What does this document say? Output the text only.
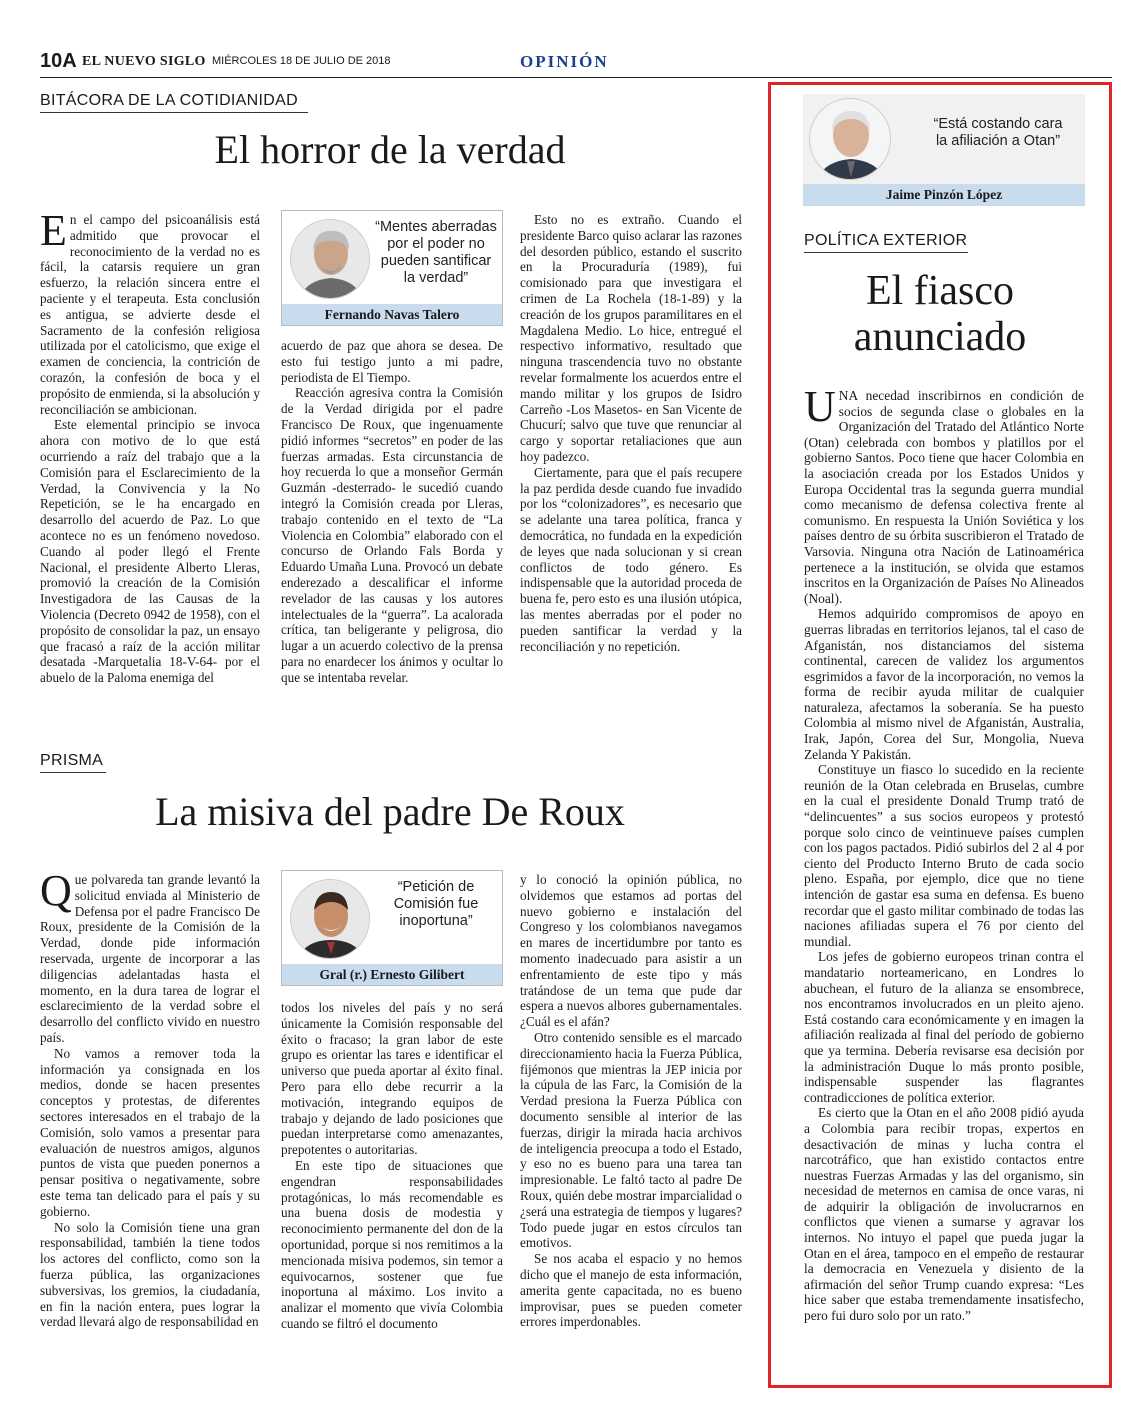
10A EL NUEVO SIGLO MIÉRCOLES 18 DE JULIO DE 2018	OPINIÓN
BITÁCORA DE LA COTIDIANIDAD
El horror de la verdad

En el campo del psicoanálisis está admitido que provocar el reconocimiento de la verdad no es fácil, la catarsis requiere un gran esfuerzo, la relación sincera entre el paciente y el terapeuta. Esta conclusión es antigua, se advierte desde el Sacramento de la confesión religiosa utilizada por el catolicismo, que exige el examen de conciencia, la contrición de corazón, la confesión de boca y el propósito de enmienda, si la absolución y reconciliación se ambicionan.

Este elemental principio se invoca ahora con motivo de lo que está ocurriendo a raíz del trabajo que a la Comisión para el Esclarecimiento de la Verdad, la Convivencia y la No Repetición, se le ha encargado en desarrollo del acuerdo de Paz. Lo que acontece no es un fenómeno novedoso. Cuando al poder llegó el Frente Nacional, el presidente Alberto Lleras, promovió la creación de la Comisión Investigadora de las Causas de la Violencia (Decreto 0942 de 1958), con el propósito de consolidar la paz, un ensayo que fracasó a raíz de la acción militar desatada -Marquetalia 18-V-64- por el abuelo de la Paloma enemiga del

“Mentes aberradas por el poder no pueden santificar la verdad”
Fernando Navas Talero

acuerdo de paz que ahora se desea. De esto fui testigo junto a mi padre, periodista de El Tiempo.

Reacción agresiva contra la Comisión de la Verdad dirigida por el padre Francisco De Roux, que ingenuamente pidió informes “secretos” en poder de las fuerzas armadas. Esta circunstancia de hoy recuerda lo que a monseñor Germán Guzmán -desterrado- le sucedió cuando integró la Comisión creada por Lleras, trabajo contenido en el texto de “La Violencia en Colombia” elaborado con el concurso de Orlando Fals Borda y Eduardo Umaña Luna. Provocó un debate enderezado a descalificar el informe revelador de las causas y los autores intelectuales de la “guerra”. La acalorada crítica, tan beligerante y peligrosa, dio lugar a un acuerdo colectivo de la prensa para no enardecer los ánimos y ocultar lo que se intentaba revelar.

Esto no es extraño. Cuando el presidente Barco quiso aclarar las razones del desorden público, estando el suscrito en la Procuraduría (1989), fui comisionado para que investigara el crimen de La Rochela (18-1-89) y la creación de los grupos paramilitares en el Magdalena Medio. Lo hice, entregué el respectivo informativo, resultado que ninguna trascendencia tuvo no obstante revelar formalmente los acuerdos entre el mando militar y los grupos de Isidro Carreño -Los Masetos- en San Vicente de Chucurí; salvo que tuve que renunciar al cargo y soportar retaliaciones que aun hoy padezco.

Ciertamente, para que el país recupere la paz perdida desde cuando fue invadido por los “colonizadores”, es necesario que se adelante una tarea política, franca y democrática, no fundada en la expedición de leyes que nada solucionan y si crean conflictos de todo género. Es indispensable que la autoridad proceda de buena fe, pero esto es una ilusión utópica, las mentes aberradas por el poder no pueden santificar la verdad y la reconciliación y no repetición.

PRISMA
La misiva del padre De Roux

Que polvareda tan grande levantó la solicitud enviada al Ministerio de Defensa por el padre Francisco De Roux, presidente de la Comisión de la Verdad, donde pide información reservada, urgente de incorporar a las diligencias adelantadas hasta el momento, en la dura tarea de lograr el esclarecimiento de la verdad sobre el desarrollo del conflicto vivido en nuestro país.

No vamos a remover toda la información ya consignada en los medios, donde se hacen presentes conceptos y protestas, de diferentes sectores interesados en el trabajo de la Comisión, solo vamos a presentar para evaluación de nuestros amigos, algunos puntos de vista que pueden ponernos a pensar positiva o negativamente, sobre este tema tan delicado para el país y su gobierno.

No solo la Comisión tiene una gran responsabilidad, también la tiene todos los actores del conflicto, como son la fuerza pública, las organizaciones subversivas, los gremios, la ciudadanía, en fin la nación entera, pues lograr la verdad llevará algo de responsabilidad en

“Petición de Comisión fue inoportuna”
Gral (r.) Ernesto Gilibert

todos los niveles del país y no será únicamente la Comisión responsable del éxito o fracaso; la gran labor de este grupo es orientar las tares e identificar el universo que pueda aportar al éxito final. Pero para ello debe recurrir a la motivación, integrando equipos de trabajo y dejando de lado posiciones que puedan interpretarse como amenazantes, prepotentes o autoritarias.

En este tipo de situaciones que engendran responsabilidades protagónicas, lo más recomendable es una buena dosis de modestia y reconocimiento permanente del don de la oportunidad, porque si nos remitimos a la mencionada misiva podemos, sin temor a equivocarnos, sostener que fue inoportuna al máximo. Los invito a analizar el momento que vivía Colombia cuando se filtró el documento

y lo conoció la opinión pública, no olvidemos que estamos ad portas del nuevo gobierno e instalación del Congreso y los colombianos navegamos en mares de incertidumbre por tanto es momento inadecuado para asistir a un enfrentamiento de este tipo y más tratándose de un tema que pude dar espera a nuevos albores gubernamentales. ¿Cuál es el afán?

Otro contenido sensible es el marcado direccionamiento hacia la Fuerza Pública, fijémonos que mientras la JEP inicia por la cúpula de las Farc, la Comisión de la Verdad presiona la Fuerza Pública con documento sensible al interior de las fuerzas, dirigir la mirada hacia archivos de inteligencia preocupa a todo el Estado, y eso no es bueno para una tarea tan impresionable. Le faltó tacto al padre De Roux, quién debe mostrar imparcialidad o ¿será una estrategia de tiempos y lugares? Todo puede jugar en estos círculos tan emotivos.

Se nos acaba el espacio y no hemos dicho que el manejo de esta información, amerita gente capacitada, no es bueno improvisar, pues se pueden cometer errores imperdonables.

“Está costando cara la afiliación a Otan”
Jaime Pinzón López
POLÍTICA EXTERIOR
El fiasco
anunciado

UNA necedad inscribirnos en condición de socios de segunda clase o globales en la Organización del Tratado del Atlántico Norte (Otan) celebrada con bombos y platillos por el gobierno Santos. Poco tiene que hacer Colombia en la asociación creada por los Estados Unidos y Europa Occidental tras la segunda guerra mundial como mecanismo de defensa colectiva frente al comunismo. En respuesta la Unión Soviética y los países dentro de su órbita suscribieron el Tratado de Varsovia. Ninguna otra Nación de Latinoamérica pertenece a la institución, se olvida que estamos inscritos en la Organización de Países No Alineados (Noal).

Hemos adquirido compromisos de apoyo en guerras libradas en territorios lejanos, tal el caso de Afganistán, nos distanciamos del sistema continental, carecen de validez los argumentos esgrimidos a favor de la incorporación, no vemos la forma de recibir ayuda militar de cualquier naturaleza, afectamos la soberanía. Se ha puesto Colombia al mismo nivel de Afganistán, Australia, Irak, Japón, Corea del Sur, Mongolia, Nueva Zelanda Y Pakistán.

Constituye un fiasco lo sucedido en la reciente reunión de la Otan celebrada en Bruselas, cumbre en la cual el presidente Donald Trump trató de “delincuentes” a sus socios europeos y protestó porque solo cinco de veintinueve países cumplen con los pagos pactados. Pidió subirlos del 2 al 4 por ciento del Producto Interno Bruto de cada socio pleno. España, por ejemplo, dice que no tiene intención de gastar esa suma en defensa. Es bueno recordar que el gasto militar combinado de todas las naciones afiliadas supera el 76 por ciento del mundial.

Los jefes de gobierno europeos trinan contra el mandatario norteamericano, en Londres lo abuchean, el futuro de la alianza se ensombrece, nos encontramos involucrados en un pleito ajeno. Está costando cara económicamente y en imagen la afiliación realizada al final del período de gobierno que ya termina. Debería revisarse esa decisión por la administración Duque lo más pronto posible, indispensable suspender las flagrantes contradicciones de política exterior.

Es cierto que la Otan en el año 2008 pidió ayuda a Colombia para recibir tropas, expertos en desactivación de minas y lucha contra el narcotráfico, que han existido contactos entre nuestras Fuerzas Armadas y las del organismo, sin necesidad de meternos en camisa de once varas, ni de adquirir la obligación de involucrarnos en conflictos que vienen a sumarse y agravar los internos. No intuyo el papel que pueda jugar la Otan en el área, tampoco en el empeño de restaurar la democracia en Venezuela y disiento de la afirmación del señor Trump cuando expresa: “Les hice saber que estaba tremendamente insatisfecho, pero fui duro solo por un rato.”
